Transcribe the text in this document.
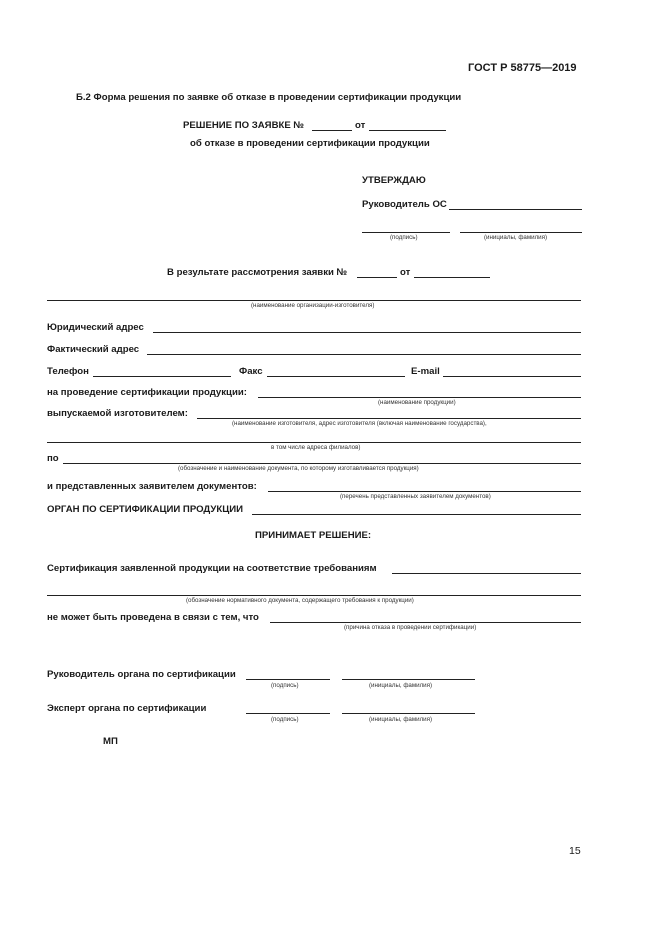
ГОСТ Р 58775—2019
Б.2 Форма решения по заявке об отказе в проведении сертификации продукции
РЕШЕНИЕ ПО ЗАЯВКЕ №	от
об отказе в проведении сертификации продукции
УТВЕРЖДАЮ
Руководитель ОС
(подпись)	(инициалы, фамилия)
В результате рассмотрения заявки №	от
(наименование организации-изготовителя)
Юридический адрес
Фактический адрес
Телефон	Факс	E-mail
на проведение сертификации продукции:
(наименование продукции)
выпускаемой изготовителем:
(наименование изготовителя, адрес изготовителя (включая наименование государства),
в том числе адреса филиалов)
по
(обозначение и наименование документа, по которому изготавливается продукция)
и представленных заявителем документов:
(перечень представленных заявителем документов)
ОРГАН ПО СЕРТИФИКАЦИИ ПРОДУКЦИИ
ПРИНИМАЕТ РЕШЕНИЕ:
Сертификация заявленной продукции на соответствие требованиям
(обозначение нормативного документа, содержащего требования к продукции)
не может быть проведена в связи с тем, что
(причина отказа в проведении сертификации)
Руководитель органа по сертификации
(подпись)	(инициалы, фамилия)
Эксперт органа по сертификации
(подпись)	(инициалы, фамилия)
МП
15
